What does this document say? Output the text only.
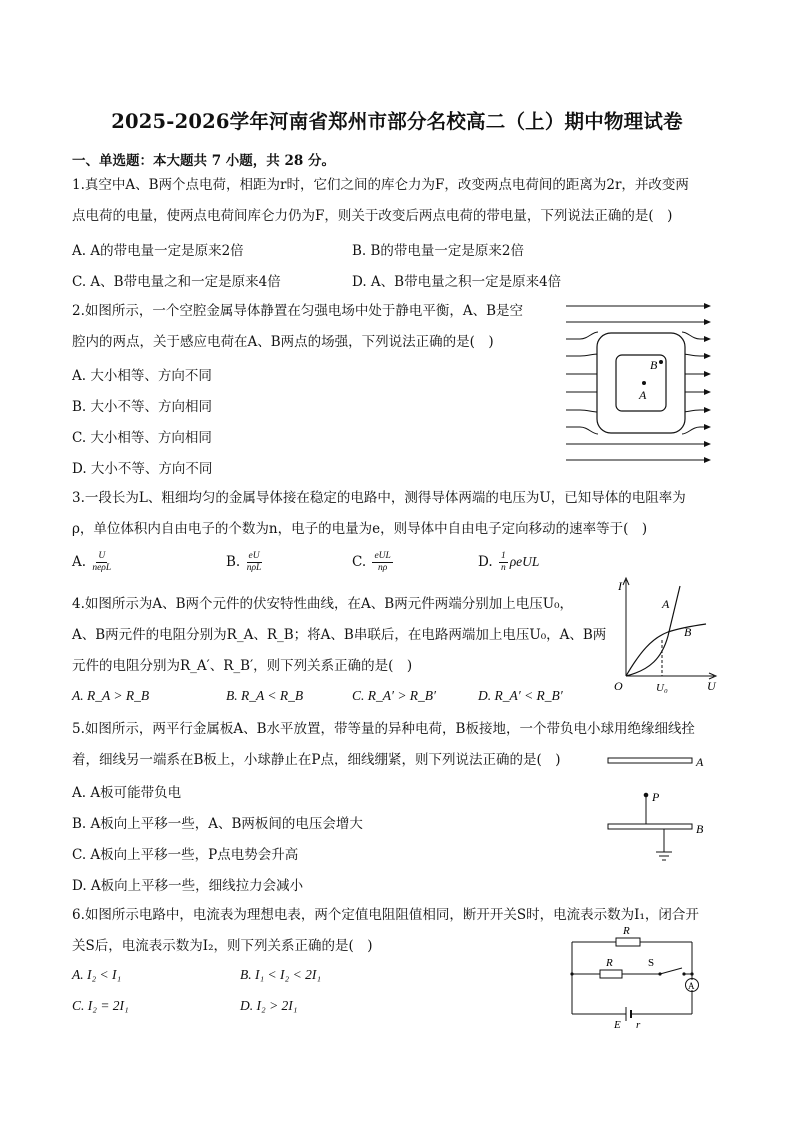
2025-2026学年河南省郑州市部分名校高二（上）期中物理试卷
一、单选题：本大题共 7 小题，共 28 分。
1.真空中A、B两个点电荷，相距为r时，它们之间的库仑力为F，改变两点电荷间的距离为2r，并改变两
点电荷的电量，使两点电荷间库仑力仍为F，则关于改变后两点电荷的带电量，下列说法正确的是(　)
A. A的带电量一定是原来2倍	B. B的带电量一定是原来2倍
C. A、B带电量之和一定是原来4倍	D. A、B带电量之积一定是原来4倍
2.如图所示，一个空腔金属导体静置在匀强电场中处于静电平衡，A、B是空
腔内的两点，关于感应电荷在A、B两点的场强，下列说法正确的是(　)
A. 大小相等、方向不同
B. 大小不等、方向相同
C. 大小相等、方向相同
D. 大小不等、方向不同
B
A
3.一段长为L、粗细均匀的金属导体接在稳定的电路中，测得导体两端的电压为U，已知导体的电阻率为
ρ，单位体积内自由电子的个数为n，电子的电量为e，则导体中自由电子定向移动的速率等于(　)
A. $\frac{U}{\text{neρL}}$	B. $\frac{eU}{\text{nρL}}$	C. $\frac{\text{eUL}}{n\rho}$	D. $\frac{1}{n}$ ρeUL
4.如图所示为A、B两个元件的伏安特性曲线，在A、B两元件两端分别加上电压U₀，
A、B两元件的电阻分别为R_A、R_B；将A、B串联后，在电路两端加上电压U₀，A、B两
元件的电阻分别为R_A′、R_B′，则下列关系正确的是(　)
A. R_A > R_B	B. R_A < R_B	C. R_A′ > R_B′	D. R_A′ < R_B′
I
U
O	U₀
A
B
5.如图所示，两平行金属板A、B水平放置，带等量的异种电荷，B板接地，一个带负电小球用绝缘细线拴
着，细线另一端系在B板上，小球静止在P点，细线绷紧，则下列说法正确的是(　)
A. A板可能带负电
B. A板向上平移一些，A、B两板间的电压会增大
C. A板向上平移一些，P点电势会升高
D. A板向上平移一些，细线拉力会减小
A
P
B
6.如图所示电路中，电流表为理想电表，两个定值电阻阻值相同，断开开关S时，电流表示数为I₁，闭合开
关S后，电流表示数为I₂，则下列关系正确的是(　)
A. I₂ < I₁	B. I₁ < I₂ < 2I₁
C. I₂ = 2I₁	D. I₂ > 2I₁
R
R	S
A
E r
